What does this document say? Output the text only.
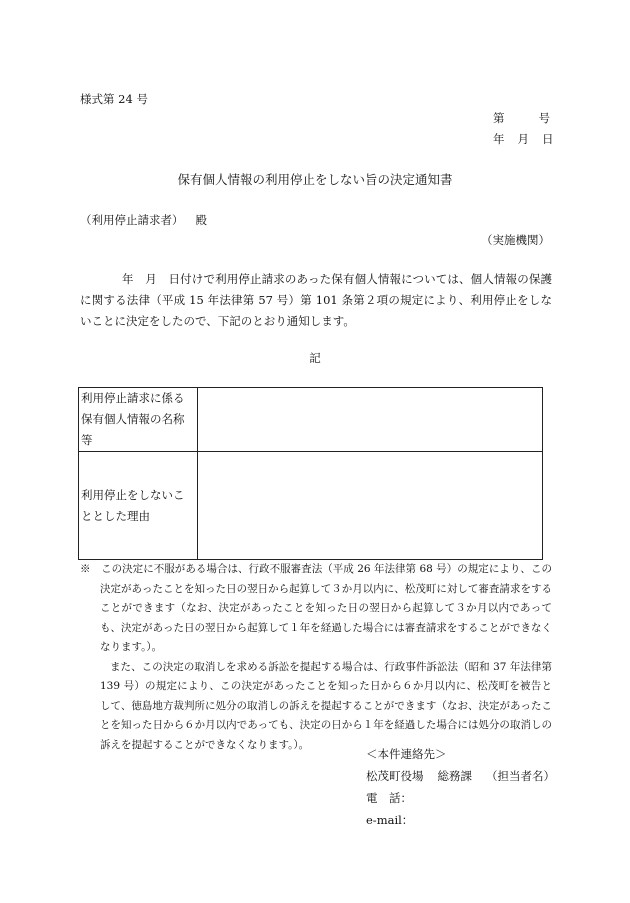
様式第 24 号
第	号
年 月 日
保有個人情報の利用停止をしない旨の決定通知書
（利用停止請求者） 殿
（実施機関）

年　月　日付けで利用停止請求のあった保有個人情報については、個人情報の保護に関する法律（平成 15 年法律第 57 号）第 101 条第２項の規定により、利用停止をしないことに決定をしたので、下記のとおり通知します。

記
利用停止請求に係る保有個人情報の名称等	
利用停止をしないこととした理由	

※　この決定に不服がある場合は、行政不服審査法（平成 26 年法律第 68 号）の規定により、この決定があったことを知った日の翌日から起算して３か月以内に、松茂町に対して審査請求をすることができます（なお、決定があったことを知った日の翌日から起算して３か月以内であっても、決定があった日の翌日から起算して１年を経過した場合には審査請求をすることができなくなります。）。

また、この決定の取消しを求める訴訟を提起する場合は、行政事件訴訟法（昭和 37 年法律第 139 号）の規定により、この決定があったことを知った日から６か月以内に、松茂町を被告として、徳島地方裁判所に処分の取消しの訴えを提起することができます（なお、決定があったことを知った日から６か月以内であっても、決定の日から１年を経過した場合には処分の取消しの訴えを提起することができなくなります。）。

＜本件連絡先＞
松茂町役場 総務課 （担当者名）
電　話：
e-mail：
